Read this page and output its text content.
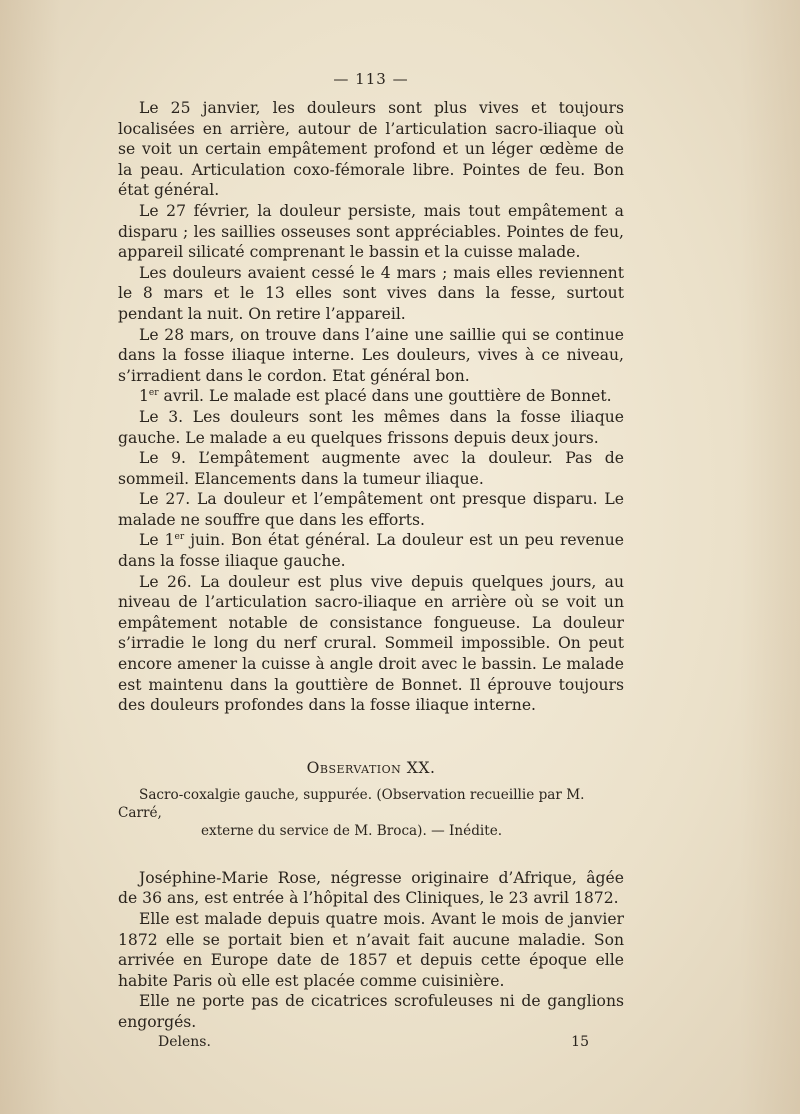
— 113 —

Le 25 janvier, les douleurs sont plus vives et toujours localisées en arrière, autour de l’articulation sacro-iliaque où se voit un certain empâtement profond et un léger œdème de la peau. Articulation coxo-fémorale libre. Pointes de feu. Bon état général.

Le 27 février, la douleur persiste, mais tout empâtement a disparu ; les saillies osseuses sont appréciables. Pointes de feu, appareil silicaté comprenant le bassin et la cuisse malade.

Les douleurs avaient cessé le 4 mars ; mais elles reviennent le 8 mars et le 13 elles sont vives dans la fesse, surtout pendant la nuit. On retire l’appareil.

Le 28 mars, on trouve dans l’aine une saillie qui se continue dans la fosse iliaque interne. Les douleurs, vives à ce niveau, s’irradient dans le cordon. Etat général bon.

1er avril. Le malade est placé dans une gouttière de Bonnet.

Le 3. Les douleurs sont les mêmes dans la fosse iliaque gauche. Le malade a eu quelques frissons depuis deux jours.

Le 9. L’empâtement augmente avec la douleur. Pas de sommeil. Elancements dans la tumeur iliaque.

Le 27. La douleur et l’empâtement ont presque disparu. Le malade ne souffre que dans les efforts.

Le 1er juin. Bon état général. La douleur est un peu revenue dans la fosse iliaque gauche.

Le 26. La douleur est plus vive depuis quelques jours, au niveau de l’articulation sacro-iliaque en arrière où se voit un empâtement notable de consistance fongueuse. La douleur s’irradie le long du nerf crural. Sommeil impossible. On peut encore amener la cuisse à angle droit avec le bassin. Le malade est maintenu dans la gouttière de Bonnet. Il éprouve toujours des douleurs profondes dans la fosse iliaque interne.

Observation XX.
Sacro-coxalgie gauche, suppurée. (Observation recueillie par M. Carré,
externe du service de M. Broca). — Inédite.

Joséphine-Marie Rose, négresse originaire d’Afrique, âgée de 36 ans, est entrée à l’hôpital des Cliniques, le 23 avril 1872.

Elle est malade depuis quatre mois. Avant le mois de janvier 1872 elle se portait bien et n’avait fait aucune maladie. Son arrivée en Europe date de 1857 et depuis cette époque elle habite Paris où elle est placée comme cuisinière.

Elle ne porte pas de cicatrices scrofuleuses ni de ganglions engorgés.

Delens.	15
